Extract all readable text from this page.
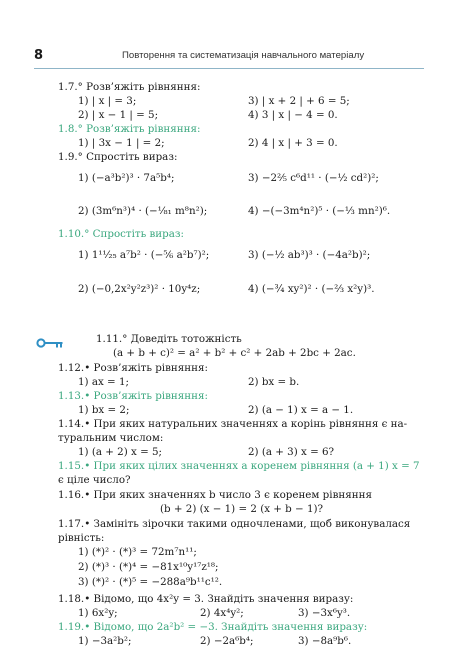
8	Повторення та систематизація навчального матеріалу
1.7.° Розв’яжіть рівняння:
1) | x | = 3;	3) | x + 2 | + 6 = 5;
2) | x − 1 | = 5;	4) 3 | x | − 4 = 0.
1.8.° Розв’яжіть рівняння:
1) | 3x − 1 | = 2;	2) 4 | x | + 3 = 0.
1.9.° Спростіть вираз:
1) (−a³b²)³ · 7a⁵b⁴;	3) −2⅖ c⁶d¹¹ · (−½ cd²)²;
2) (3m⁶n³)⁴ · (−¹⁄₈₁ m⁸n²);	4) −(−3m⁴n²)⁵ · (−⅓ mn²)⁶.
1.10.° Спростіть вираз:
1) 1¹¹⁄₂₅ a⁷b² · (−⅚ a²b⁷)²;	3) (−½ ab³)³ · (−4a²b)²;
2) (−0,2x²y²z³)² · 10y⁴z;	4) (−¾ xy²)² · (−⅔ x²y)³.
1.11.° Доведіть тотожність
(a + b + c)² = a² + b² + c² + 2ab + 2bc + 2ac.
1.12.• Розв’яжіть рівняння:
1) ax = 1;	2) bx = b.
1.13.• Розв’яжіть рівняння:
1) bx = 2;	2) (a − 1) x = a − 1.
1.14.• При яких натуральних значеннях a корінь рівняння є на-
туральним числом:
1) (a + 2) x = 5;	2) (a + 3) x = 6?
1.15.• При яких цілих значеннях a коренем рівняння (a + 1) x = 7
є ціле число?
1.16.• При яких значеннях b число 3 є коренем рівняння
(b + 2) (x − 1) = 2 (x + b − 1)?
1.17.• Замініть зірочки такими одночленами, щоб виконувалася
рівність:
1) (*)² · (*)³ = 72m⁷n¹¹;
2) (*)³ · (*)⁴ = −81x¹⁰y¹⁷z¹⁸;
3) (*)² · (*)⁵ = −288a⁹b¹¹c¹².
1.18.• Відомо, що 4x²y = 3. Знайдіть значення виразу:
1) 6x²y;	2) 4x⁴y²;	3) −3x⁶y³.
1.19.• Відомо, що 2a²b² = −3. Знайдіть значення виразу:
1) −3a²b²;	2) −2a⁶b⁴;	3) −8a⁹b⁶.
